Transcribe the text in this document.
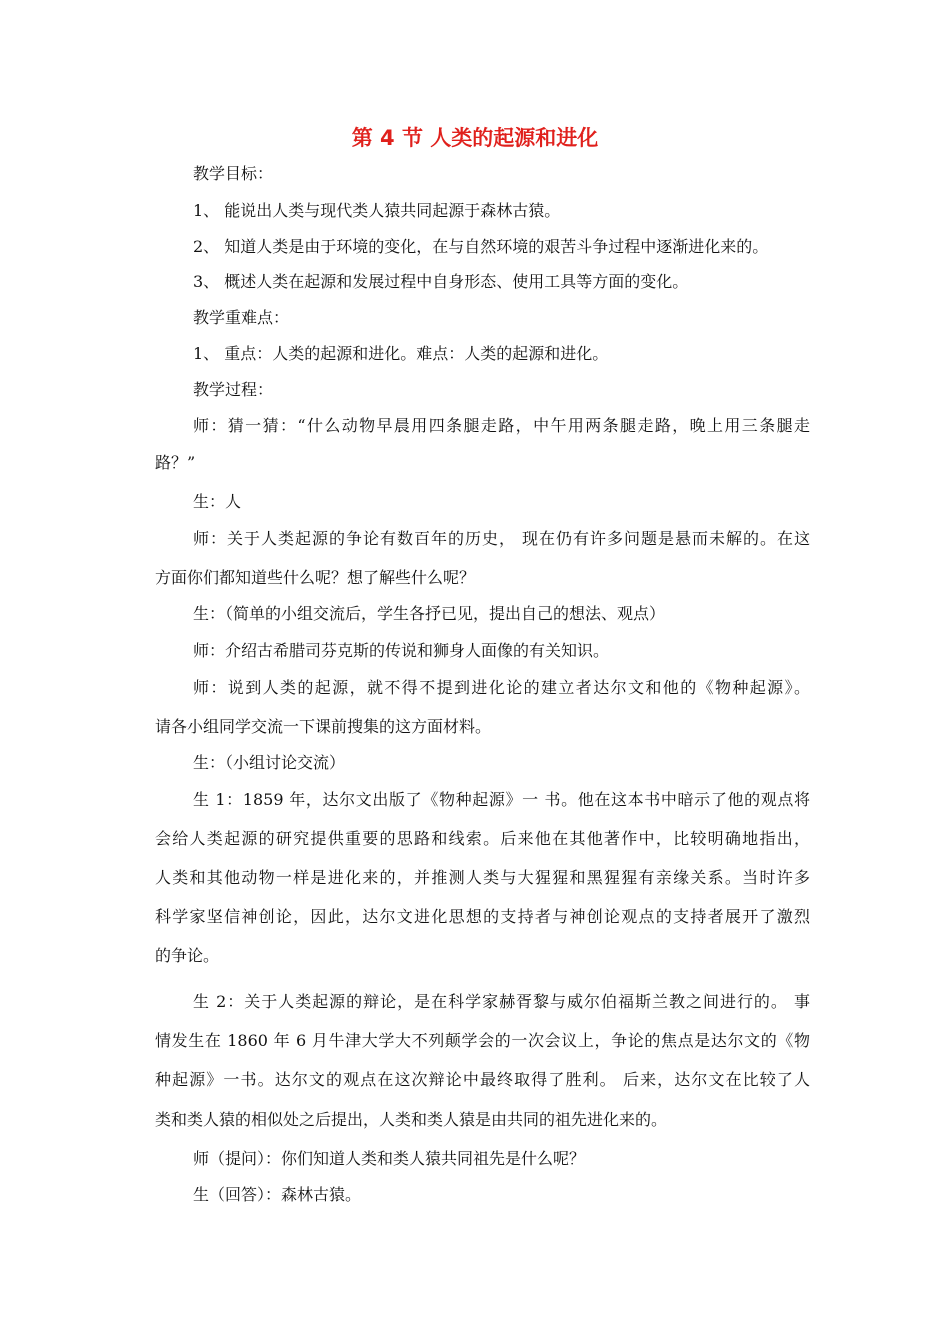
第 4 节 人类的起源和进化
教学目标：
1、 能说出人类与现代类人猿共同起源于森林古猿。
2、 知道人类是由于环境的变化，在与自然环境的艰苦斗争过程中逐渐进化来的。
3、 概述人类在起源和发展过程中自身形态、使用工具等方面的变化。
教学重难点：
1、 重点：人类的起源和进化。难点：人类的起源和进化。
教学过程：
师：猜一猜：“什么动物早晨用四条腿走路，中午用两条腿走路，晚上用三条腿走
路？”
生：人
师：关于人类起源的争论有数百年的历史， 现在仍有许多问题是悬而未解的。在这
方面你们都知道些什么呢？想了解些什么呢？
生：（简单的小组交流后，学生各抒已见，提出自己的想法、观点）
师：介绍古希腊司芬克斯的传说和狮身人面像的有关知识。
师：说到人类的起源，就不得不提到进化论的建立者达尔文和他的《物种起源》。
请各小组同学交流一下课前搜集的这方面材料。
生：（小组讨论交流）
生 1：1859 年，达尔文出版了《物种起源》一 书。他在这本书中暗示了他的观点将
会给人类起源的研究提供重要的思路和线索。后来他在其他著作中，比较明确地指出，
人类和其他动物一样是进化来的，并推测人类与大猩猩和黑猩猩有亲缘关系。当时许多
科学家坚信神创论，因此，达尔文进化思想的支持者与神创论观点的支持者展开了激烈
的争论。
生 2：关于人类起源的辩论，是在科学家赫胥黎与威尔伯福斯兰教之间进行的。 事
情发生在 1860 年 6 月牛津大学大不列颠学会的一次会议上，争论的焦点是达尔文的《物
种起源》一书。达尔文的观点在这次辩论中最终取得了胜利。 后来，达尔文在比较了人
类和类人猿的相似处之后提出，人类和类人猿是由共同的祖先进化来的。
师（提问）：你们知道人类和类人猿共同祖先是什么呢？
生（回答）：森林古猿。
